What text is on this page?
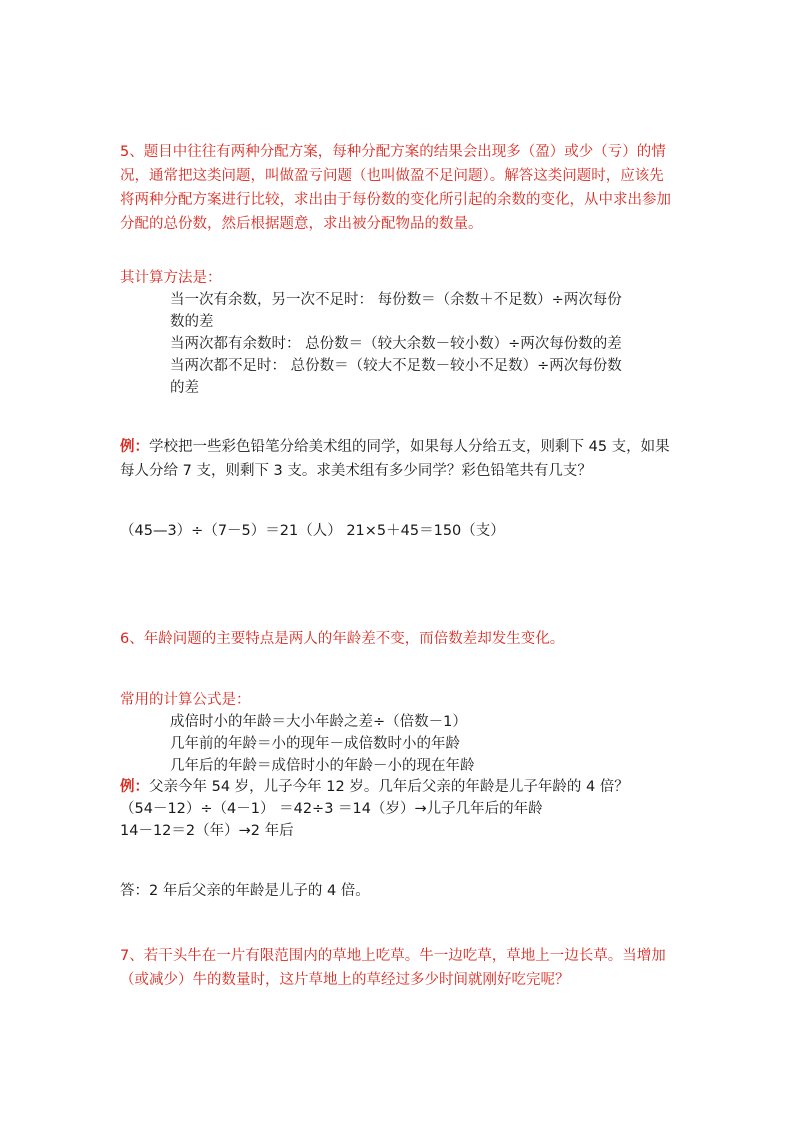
5、题目中往往有两种分配方案，每种分配方案的结果会出现多（盈）或少（亏）的情
况，通常把这类问题，叫做盈亏问题（也叫做盈不足问题）。解答这类问题时，应该先
将两种分配方案进行比较，求出由于每份数的变化所引起的余数的变化，从中求出参加
分配的总份数，然后根据题意，求出被分配物品的数量。
其计算方法是：
当一次有余数，另一次不足时： 每份数＝（余数＋不足数）÷两次每份
数的差
当两次都有余数时： 总份数＝（较大余数－较小数）÷两次每份数的差
当两次都不足时： 总份数＝（较大不足数－较小不足数）÷两次每份数
的差
例：学校把一些彩色铅笔分给美术组的同学，如果每人分给五支，则剩下 45 支，如果
每人分给 7 支，则剩下 3 支。求美术组有多少同学？彩色铅笔共有几支？
（45—3）÷（7－5）＝21（人） 21×5＋45＝150（支）
6、年龄问题的主要特点是两人的年龄差不变，而倍数差却发生变化。
常用的计算公式是：
成倍时小的年龄＝大小年龄之差÷（倍数－1）
几年前的年龄＝小的现年－成倍数时小的年龄
几年后的年龄＝成倍时小的年龄－小的现在年龄
例：父亲今年 54 岁，儿子今年 12 岁。几年后父亲的年龄是儿子年龄的 4 倍？
（54－12）÷（4－1） ＝42÷3 ＝14（岁）→儿子几年后的年龄
14－12＝2（年）→2 年后
答：2 年后父亲的年龄是儿子的 4 倍。
7、若干头牛在一片有限范围内的草地上吃草。牛一边吃草，草地上一边长草。当增加
（或减少）牛的数量时，这片草地上的草经过多少时间就刚好吃完呢？
